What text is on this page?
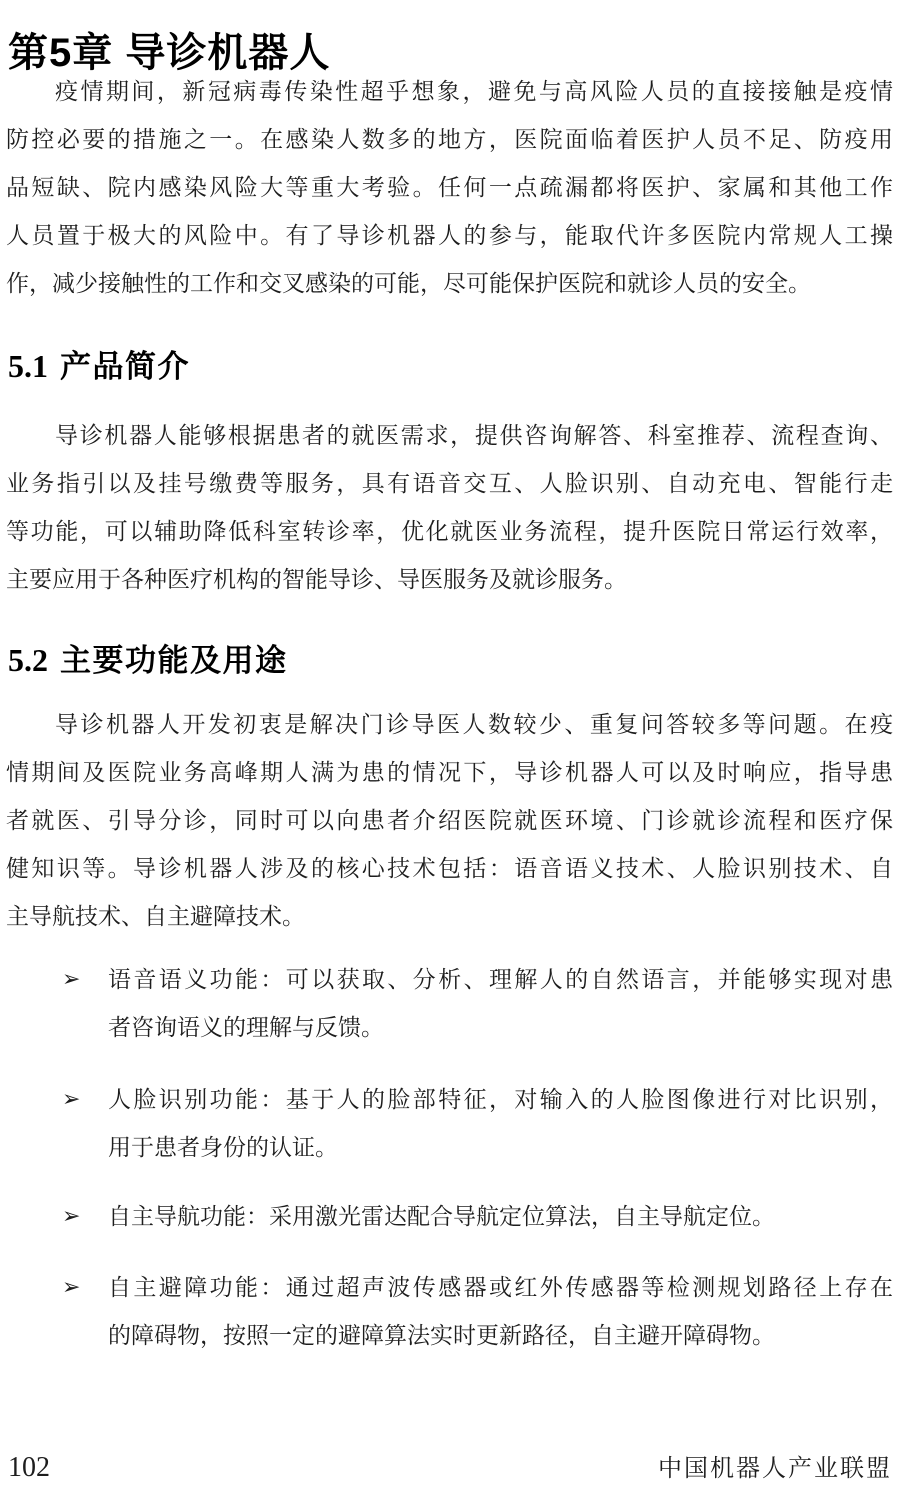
第5章 导诊机器人
疫情期间，新冠病毒传染性超乎想象，避免与高风险人员的直接接触是疫情
防控必要的措施之一。在感染人数多的地方，医院面临着医护人员不足、防疫用
品短缺、院内感染风险大等重大考验。任何一点疏漏都将医护、家属和其他工作
人员置于极大的风险中。有了导诊机器人的参与，能取代许多医院内常规人工操
作，减少接触性的工作和交叉感染的可能，尽可能保护医院和就诊人员的安全。
5.1 产品简介
导诊机器人能够根据患者的就医需求，提供咨询解答、科室推荐、流程查询、
业务指引以及挂号缴费等服务，具有语音交互、人脸识别、自动充电、智能行走
等功能，可以辅助降低科室转诊率，优化就医业务流程，提升医院日常运行效率，
主要应用于各种医疗机构的智能导诊、导医服务及就诊服务。
5.2 主要功能及用途
导诊机器人开发初衷是解决门诊导医人数较少、重复问答较多等问题。在疫
情期间及医院业务高峰期人满为患的情况下，导诊机器人可以及时响应，指导患
者就医、引导分诊，同时可以向患者介绍医院就医环境、门诊就诊流程和医疗保
健知识等。导诊机器人涉及的核心技术包括：语音语义技术、人脸识别技术、自
主导航技术、自主避障技术。
➢ 语音语义功能：可以获取、分析、理解人的自然语言，并能够实现对患
者咨询语义的理解与反馈。
➢ 人脸识别功能：基于人的脸部特征，对输入的人脸图像进行对比识别，
用于患者身份的认证。
➢ 自主导航功能：采用激光雷达配合导航定位算法，自主导航定位。
➢ 自主避障功能：通过超声波传感器或红外传感器等检测规划路径上存在
的障碍物，按照一定的避障算法实时更新路径，自主避开障碍物。
102	中国机器人产业联盟
